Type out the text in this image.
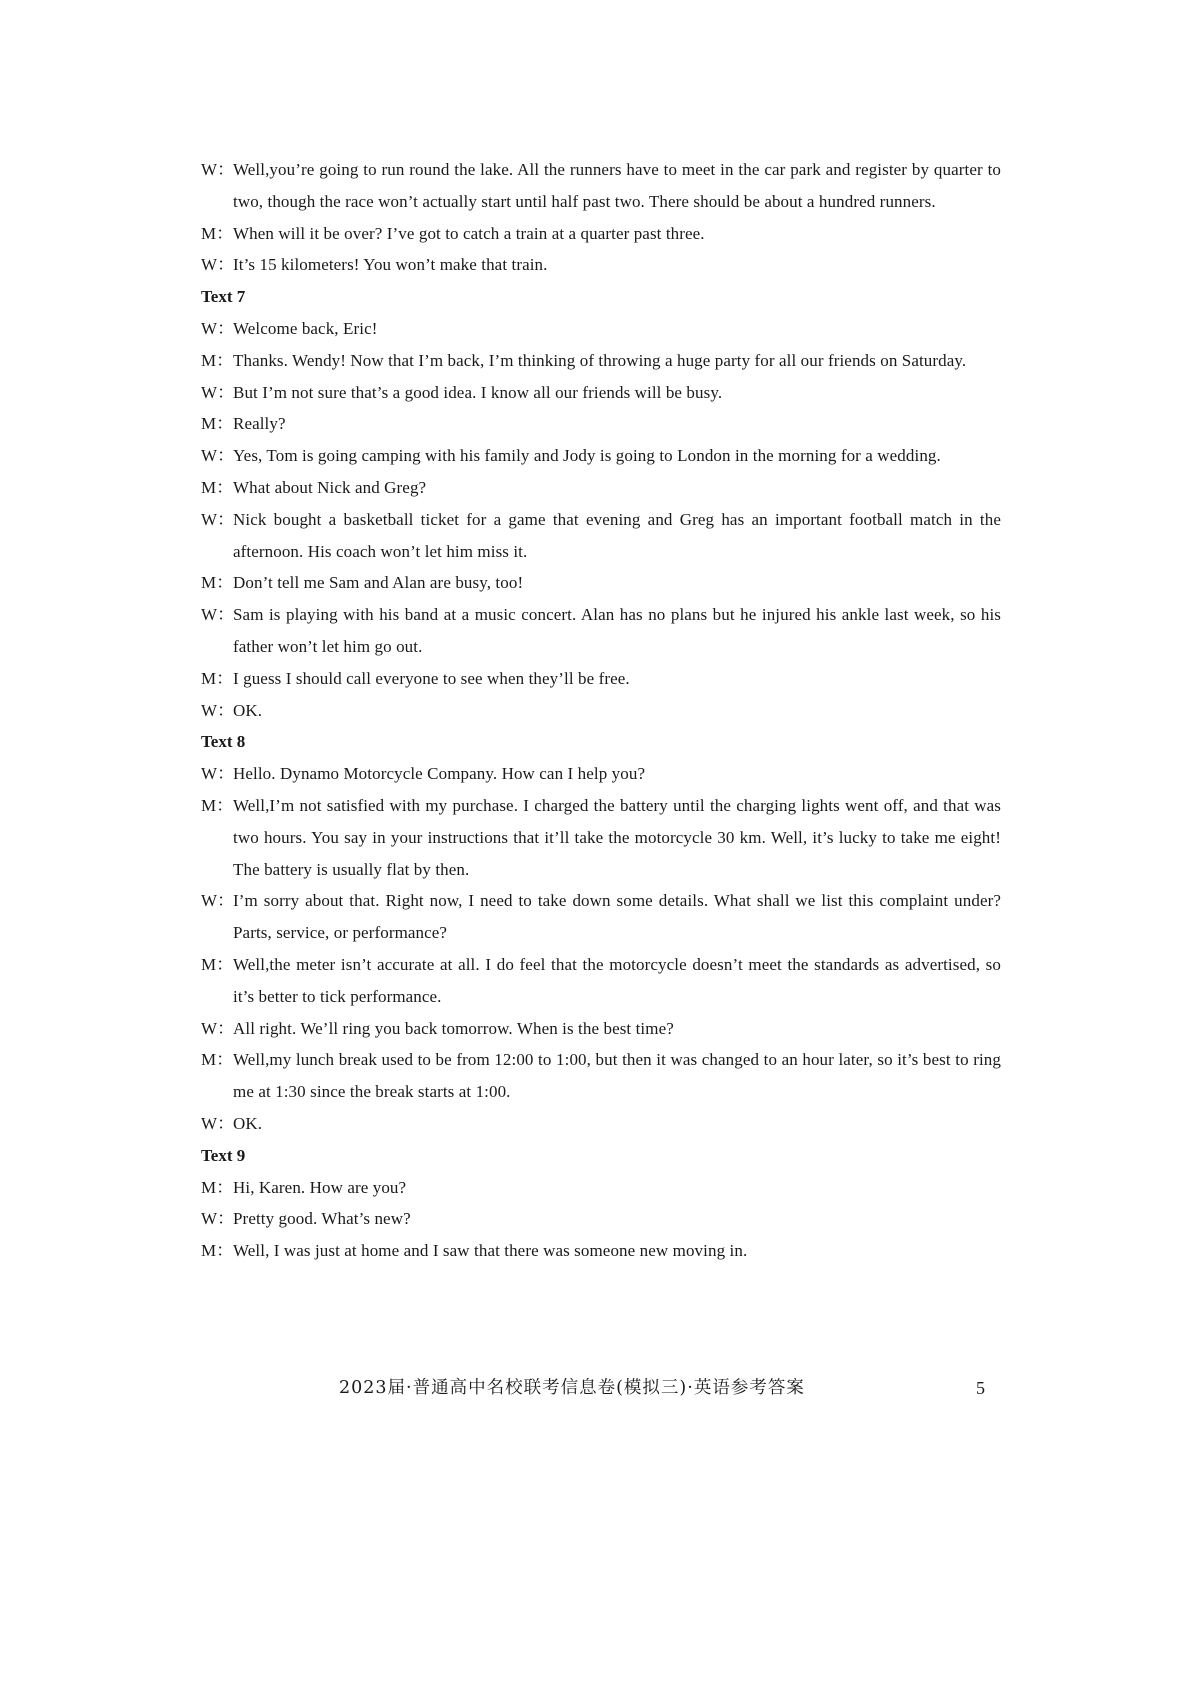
W：
Well,you’re going to run round the lake. All the runners have to meet in the car park and register by quarter to two, though the race won’t actually start until half past two. There should be about a hundred runners.
M： When will it be over? I’ve got to catch a train at a quarter past three.
W：
It’s 15 kilometers! You won’t make that train.
Text 7
W：
Welcome back, Eric!
M： Thanks. Wendy! Now that I’m back, I’m thinking of throwing a huge party for all our friends on Saturday.
W：
But I’m not sure that’s a good idea. I know all our friends will be busy.
M： Really?
W：
Yes, Tom is going camping with his family and Jody is going to London in the morning for a wedding.
M： What about Nick and Greg?
W：
Nick bought a basketball ticket for a game that evening and Greg has an important football match in the afternoon. His coach won’t let him miss it.
M： Don’t tell me Sam and Alan are busy, too!
W：
Sam is playing with his band at a music concert. Alan has no plans but he injured his ankle last week, so his father won’t let him go out.
M： I guess I should call everyone to see when they’ll be free.
W：
OK.
Text 8
W：
Hello. Dynamo Motorcycle Company. How can I help you?
M： Well,I’m not satisfied with my purchase. I charged the battery until the charging lights went off, and that was two hours. You say in your instructions that it’ll take the motorcycle 30 km. Well, it’s lucky to take me eight! The battery is usually flat by then.
W：
I’m sorry about that. Right now, I need to take down some details. What shall we list this complaint under? Parts, service, or performance?
M： Well,the meter isn’t accurate at all. I do feel that the motorcycle doesn’t meet the standards as advertised, so it’s better to tick performance.
W：
All right. We’ll ring you back tomorrow. When is the best time?
M： Well,my lunch break used to be from 12:00 to 1:00, but then it was changed to an hour later, so it’s best to ring me at 1:30 since the break starts at 1:00.
W：
OK.
Text 9
M： Hi, Karen. How are you?
W：
Pretty good. What’s new?
M： Well, I was just at home and I saw that there was someone new moving in.
2023届·普通高中名校联考信息卷(模拟三)·英语参考答案	5
